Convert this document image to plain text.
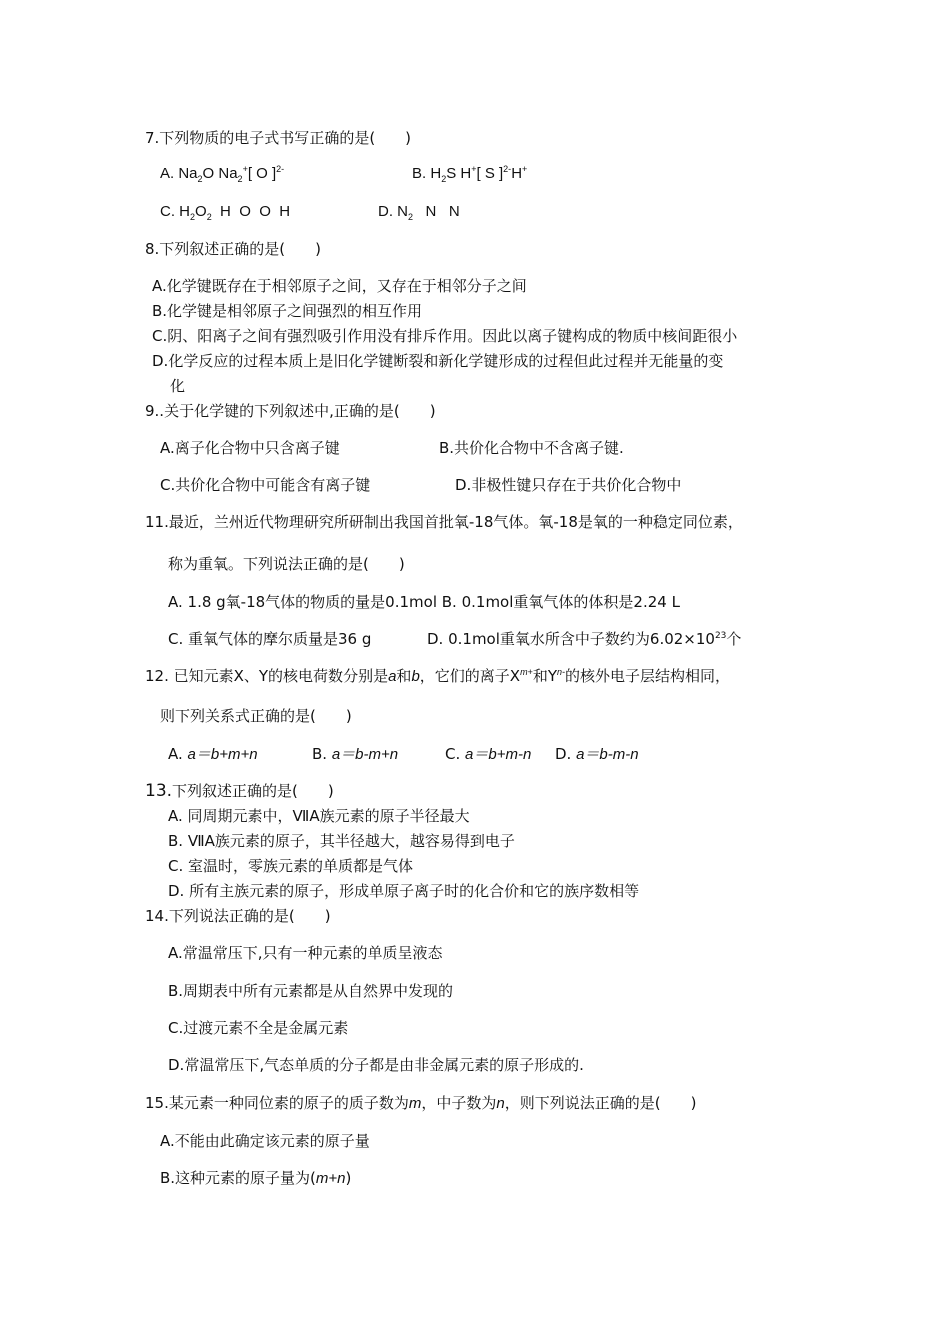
7.下列物质的电子式书写正确的是(　　)
A. $Na_2O$ $Na_2^+$[ O ]$^{2-}$	B. $H_2S$ H+[ S ]$^{2-}$H+
C. $H_2O_2$  H  O  O  H	D. $N_2$   N   N
8.下列叙述正确的是(　　)
A.化学键既存在于相邻原子之间，又存在于相邻分子之间
B.化学键是相邻原子之间强烈的相互作用
C.阴、阳离子之间有强烈吸引作用没有排斥作用。因此以离子键构成的物质中核间距很小
D.化学反应的过程本质上是旧化学键断裂和新化学键形成的过程但此过程并无能量的变
化
9..关于化学键的下列叙述中,正确的是(　　)
A.离子化合物中只含离子键	B.共价化合物中不含离子键.
C.共价化合物中可能含有离子键	D.非极性键只存在于共价化合物中
11.最近，兰州近代物理研究所研制出我国首批氧-18气体。氧-18是氧的一种稳定同位素，
称为重氧。下列说法正确的是(　　)
A. 1.8 g氧-18气体的物质的量是0.1mol B. 0.1mol重氧气体的体积是2.24 L
C. 重氧气体的摩尔质量是36 g	D. 0.1mol重氧水所含中子数约为$6.02\times 10^{23}$个
12. 已知元素X、Y的核电荷数分别是a和b，它们的离子$X^{m+}$和$Y^{n-}$的核外电子层结构相同，
则下列关系式正确的是(　　)
A. a＝b+m+n	B. a＝b-m+n	C. a＝b+m-n D. a＝b-m-n
13.下列叙述正确的是(　　)
A. 同周期元素中，ⅦA族元素的原子半径最大
B. ⅦA族元素的原子，其半径越大，越容易得到电子
C. 室温时，零族元素的单质都是气体
D. 所有主族元素的原子，形成单原子离子时的化合价和它的族序数相等
14.下列说法正确的是(　　)
A.常温常压下,只有一种元素的单质呈液态
B.周期表中所有元素都是从自然界中发现的
C.过渡元素不全是金属元素
D.常温常压下,气态单质的分子都是由非金属元素的原子形成的.
15.某元素一种同位素的原子的质子数为m，中子数为n，则下列说法正确的是(　　)
A.不能由此确定该元素的原子量
B.这种元素的原子量为(m+n)
